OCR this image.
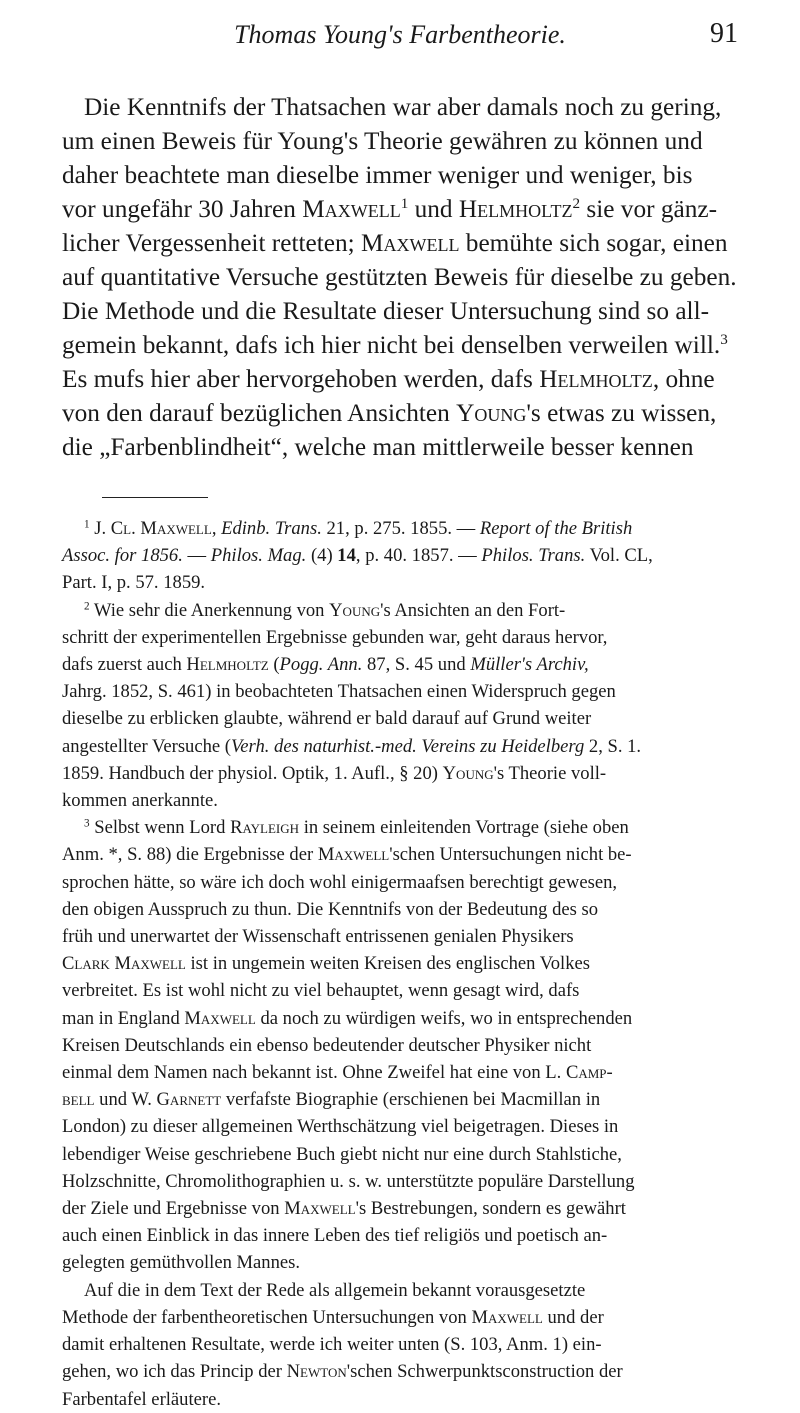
Thomas Young's Farbentheorie.	91
Die Kenntnifs der Thatsachen war aber damals noch zu gering,
um einen Beweis für Young's Theorie gewähren zu können und
daher beachtete man dieselbe immer weniger und weniger, bis
vor ungefähr 30 Jahren Maxwell$^1$ und Helmholtz$^2$ sie vor gänz-
licher Vergessenheit retteten; Maxwell bemühte sich sogar, einen
auf quantitative Versuche gestützten Beweis für dieselbe zu geben.
Die Methode und die Resultate dieser Untersuchung sind so all-
gemein bekannt, dafs ich hier nicht bei denselben verweilen will.$^3$
Es mufs hier aber hervorgehoben werden, dafs Helmholtz, ohne
von den darauf bezüglichen Ansichten Young's etwas zu wissen,
die „Farbenblindheit“, welche man mittlerweile besser kennen
$^1$ J. Cl. Maxwell, Edinb. Trans. 21, p. 275. 1855. — Report of the British
Assoc. for 1856. — Philos. Mag. (4) 14, p. 40. 1857. — Philos. Trans. Vol. CL,
Part. I, p. 57. 1859.
$^2$ Wie sehr die Anerkennung von Young's Ansichten an den Fort-
schritt der experimentellen Ergebnisse gebunden war, geht daraus hervor,
dafs zuerst auch Helmholtz (Pogg. Ann. 87, S. 45 und Müller's Archiv,
Jahrg. 1852, S. 461) in beobachteten Thatsachen einen Widerspruch gegen
dieselbe zu erblicken glaubte, während er bald darauf auf Grund weiter
angestellter Versuche (Verh. des naturhist.-med. Vereins zu Heidelberg 2, S. 1.
1859. Handbuch der physiol. Optik, 1. Aufl., § 20) Young's Theorie voll-
kommen anerkannte.
$^3$ Selbst wenn Lord Rayleigh in seinem einleitenden Vortrage (siehe oben
Anm. *, S. 88) die Ergebnisse der Maxwell'schen Untersuchungen nicht be-
sprochen hätte, so wäre ich doch wohl einigermaafsen berechtigt gewesen,
den obigen Ausspruch zu thun. Die Kenntnifs von der Bedeutung des so
früh und unerwartet der Wissenschaft entrissenen genialen Physikers
Clark Maxwell ist in ungemein weiten Kreisen des englischen Volkes
verbreitet. Es ist wohl nicht zu viel behauptet, wenn gesagt wird, dafs
man in England Maxwell da noch zu würdigen weifs, wo in entsprechenden
Kreisen Deutschlands ein ebenso bedeutender deutscher Physiker nicht
einmal dem Namen nach bekannt ist. Ohne Zweifel hat eine von L. Camp-
bell und W. Garnett verfafste Biographie (erschienen bei Macmillan in
London) zu dieser allgemeinen Werthschätzung viel beigetragen. Dieses in
lebendiger Weise geschriebene Buch giebt nicht nur eine durch Stahlstiche,
Holzschnitte, Chromolithographien u. s. w. unterstützte populäre Darstellung
der Ziele und Ergebnisse von Maxwell's Bestrebungen, sondern es gewährt
auch einen Einblick in das innere Leben des tief religiös und poetisch an-
gelegten gemüthvollen Mannes.
Auf die in dem Text der Rede als allgemein bekannt vorausgesetzte
Methode der farbentheoretischen Untersuchungen von Maxwell und der
damit erhaltenen Resultate, werde ich weiter unten (S. 103, Anm. 1) ein-
gehen, wo ich das Princip der Newton'schen Schwerpunktsconstruction der
Farbentafel erläutere.
